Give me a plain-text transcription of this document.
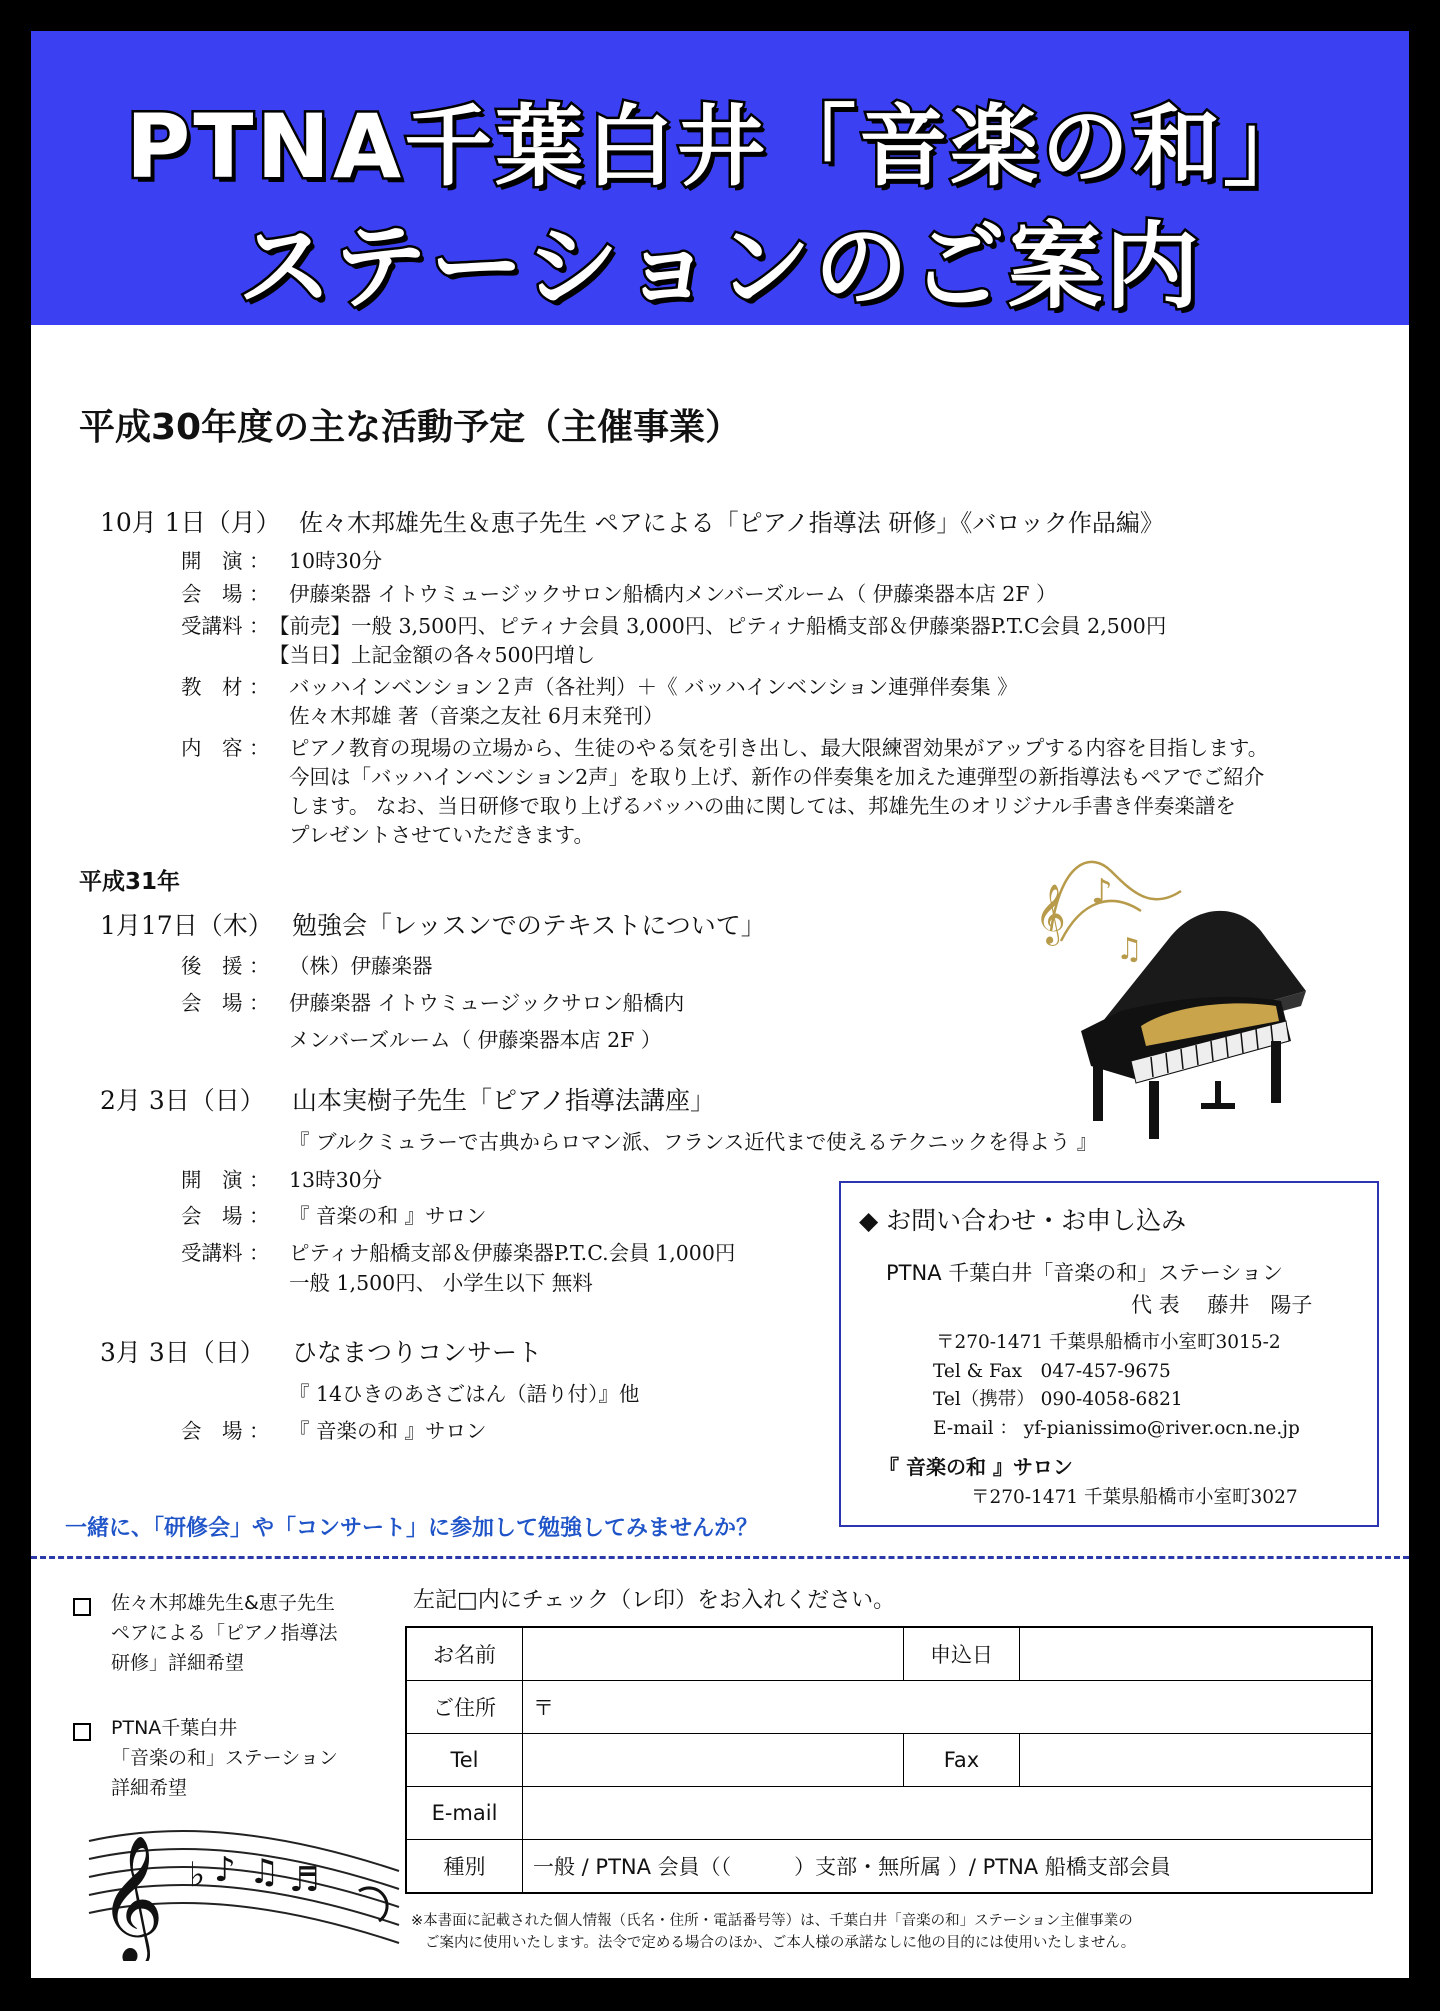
PTNA千葉白井「音楽の和」
ステーションのご案内
平成30年度の主な活動予定（主催事業）
10月 1日（月） 佐々木邦雄先生＆恵子先生 ペアによる「ピアノ指導法 研修」《バロック作品編》
開　演 ： 10時30分
会　場 ： 伊藤楽器 イトウミュージックサロン船橋内メンバーズルーム（ 伊藤楽器本店 2F ）
受講料 ： 【前売】一般 3,500円、ピティナ会員 3,000円、ピティナ船橋支部＆伊藤楽器P.T.C会員 2,500円
【当日】上記金額の各々500円増し
教　材 ： バッハインベンション２声（各社判）＋《 バッハインベンション連弾伴奏集 》
佐々木邦雄 著（音楽之友社 6月末発刊）
内　容 ： ピアノ教育の現場の立場から、生徒のやる気を引き出し、最大限練習効果がアップする内容を目指します。
今回は「バッハインベンション2声」を取り上げ、新作の伴奏集を加えた連弾型の新指導法もペアでご紹介
します。 なお、当日研修で取り上げるバッハの曲に関しては、邦雄先生のオリジナル手書き伴奏楽譜を
プレゼントさせていただきます。
平成31年
1月17日（木） 勉強会「レッスンでのテキストについて」
後　援 ： （株）伊藤楽器
会　場 ： 伊藤楽器 イトウミュージックサロン船橋内
メンバーズルーム（ 伊藤楽器本店 2F ）
2月 3日（日） 山本実樹子先生「ピアノ指導法講座」
『 ブルクミュラーで古典からロマン派、フランス近代まで使えるテクニックを得よう 』
開　演 ： 13時30分
会　場 ： 『 音楽の和 』サロン
受講料 ： ピティナ船橋支部＆伊藤楽器P.T.C.会員 1,000円
一般 1,500円、 小学生以下 無料
3月 3日（日） ひなまつりコンサート
『 14ひきのあさごはん（語り付）』他
会　場 ： 『 音楽の和 』サロン
𝄞 ♪
♫
◆ お問い合わせ・お申し込み
PTNA 千葉白井「音楽の和」ステーション
代 表　 藤井　陽子
〒270-1471 千葉県船橋市小室町3015-2
Tel & Fax　047-457-9675
Tel（携帯） 090-4058-6821
E-mail ： yf-pianissimo@river.ocn.ne.jp
『 音楽の和 』サロン
〒270-1471 千葉県船橋市小室町3027
一緒に、「研修会」や「コンサート」に参加して勉強してみませんか？
佐々木邦雄先生&恵子先生
ペアによる「ピアノ指導法
研修」詳細希望
PTNA千葉白井
「音楽の和」ステーション
詳細希望
𝄞 ♭ ♪ ♫ ♬
左記□内にチェック（レ印）をお入れください。
お名前		申込日	
ご住所	〒		
Tel		Fax	
E-mail			
種別	一般 / PTNA 会員（（　　　）支部・無所属 ）/ PTNA 船橋支部会員		
※本書面に記載された個人情報（氏名・住所・電話番号等）は、千葉白井「音楽の和」ステーション主催事業の
ご案内に使用いたします。法令で定める場合のほか、ご本人様の承諾なしに他の目的には使用いたしません。
